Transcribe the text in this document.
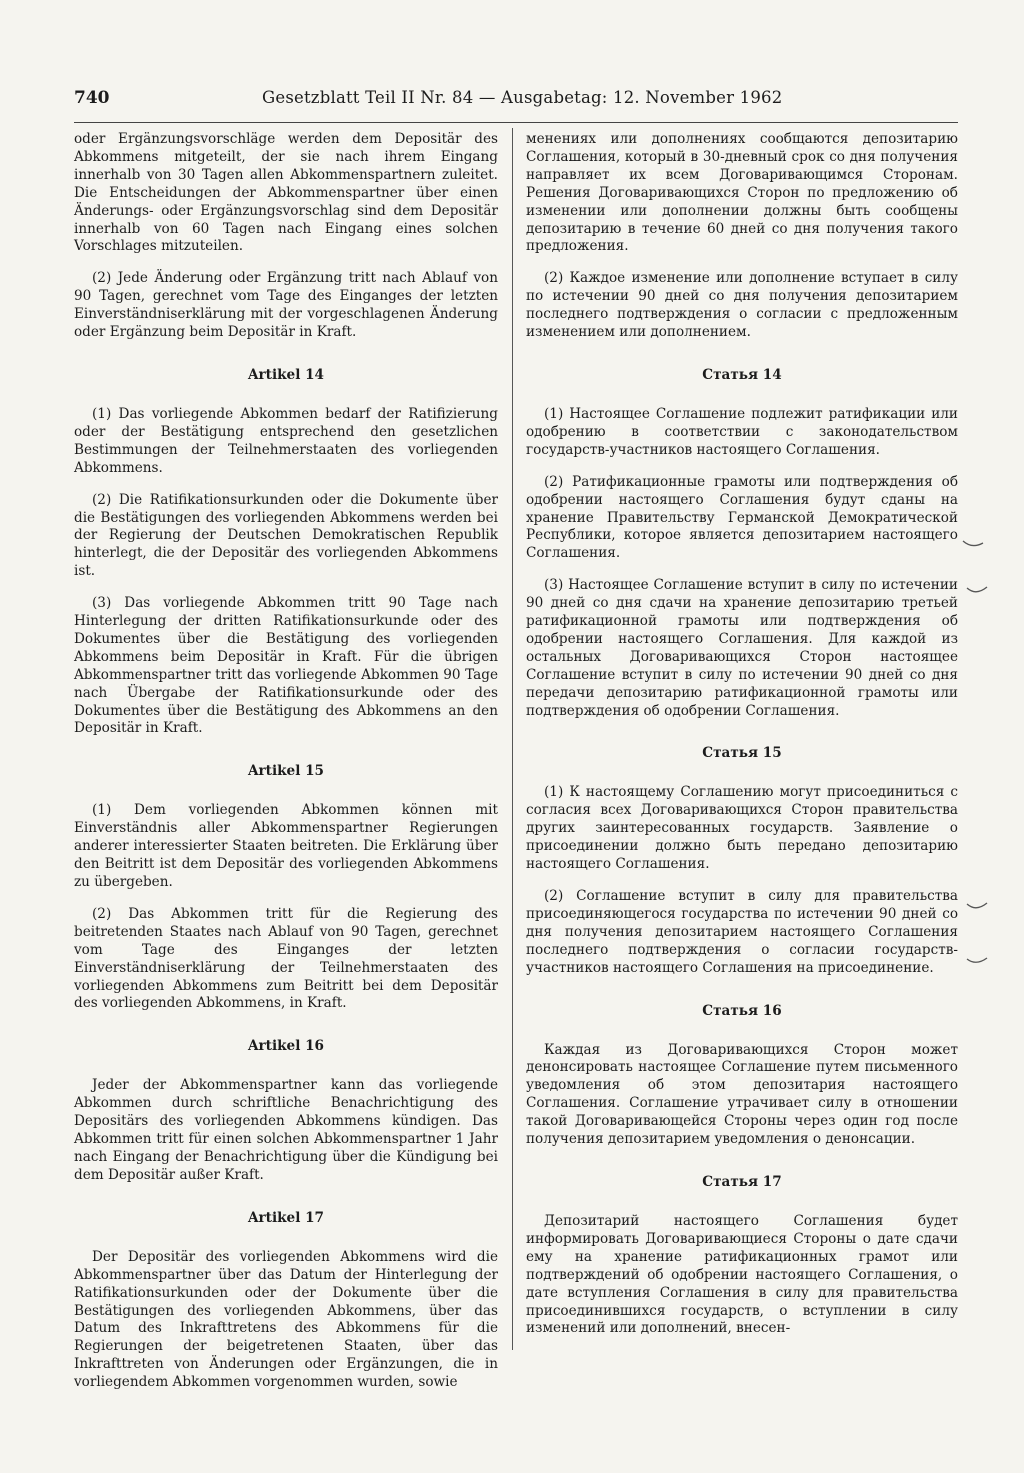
740	Gesetzblatt Teil II Nr. 84 — Ausgabetag: 12. November 1962

oder Ergänzungsvorschläge werden dem Depositär des Abkommens mitgeteilt, der sie nach ihrem Eingang innerhalb von 30 Tagen allen Abkommenspartnern zuleitet. Die Entscheidungen der Abkommenspartner über einen Änderungs- oder Ergänzungsvorschlag sind dem Depositär innerhalb von 60 Tagen nach Eingang eines solchen Vorschlages mitzuteilen.

(2) Jede Änderung oder Ergänzung tritt nach Ablauf von 90 Tagen, gerechnet vom Tage des Einganges der letzten Einverständniserklärung mit der vorgeschlagenen Änderung oder Ergänzung beim Depositär in Kraft.

Artikel 14

(1) Das vorliegende Abkommen bedarf der Ratifizierung oder der Bestätigung entsprechend den gesetzlichen Bestimmungen der Teilnehmerstaaten des vorliegenden Abkommens.

(2) Die Ratifikationsurkunden oder die Dokumente über die Bestätigungen des vorliegenden Abkommens werden bei der Regierung der Deutschen Demokratischen Republik hinterlegt, die der Depositär des vorliegenden Abkommens ist.

(3) Das vorliegende Abkommen tritt 90 Tage nach Hinterlegung der dritten Ratifikationsurkunde oder des Dokumentes über die Bestätigung des vorliegenden Abkommens beim Depositär in Kraft. Für die übrigen Abkommenspartner tritt das vorliegende Abkommen 90 Tage nach Übergabe der Ratifikationsurkunde oder des Dokumentes über die Bestätigung des Abkommens an den Depositär in Kraft.

Artikel 15

(1) Dem vorliegenden Abkommen können mit Einverständnis aller Abkommenspartner Regierungen anderer interessierter Staaten beitreten. Die Erklärung über den Beitritt ist dem Depositär des vorliegenden Abkommens zu übergeben.

(2) Das Abkommen tritt für die Regierung des beitretenden Staates nach Ablauf von 90 Tagen, gerechnet vom Tage des Einganges der letzten Einverständniserklärung der Teilnehmerstaaten des vorliegenden Abkommens zum Beitritt bei dem Depositär des vorliegenden Abkommens, in Kraft.

Artikel 16

Jeder der Abkommenspartner kann das vorliegende Abkommen durch schriftliche Benachrichtigung des Depositärs des vorliegenden Abkommens kündigen. Das Abkommen tritt für einen solchen Abkommenspartner 1 Jahr nach Eingang der Benachrichtigung über die Kündigung bei dem Depositär außer Kraft.

Artikel 17

Der Depositär des vorliegenden Abkommens wird die Abkommenspartner über das Datum der Hinterlegung der Ratifikationsurkunden oder der Dokumente über die Bestätigungen des vorliegenden Abkommens, über das Datum des Inkrafttretens des Abkommens für die Regierungen der beigetretenen Staaten, über das Inkrafttreten von Änderungen oder Ergänzungen, die in vorliegendem Abkommen vorgenommen wurden, sowie

менениях или дополнениях сообщаются депозитарию Соглашения, который в 30-дневный срок со дня получения направляет их всем Договаривающимся Сторонам. Решения Договаривающихся Сторон по предложению об изменении или дополнении должны быть сообщены депозитарию в течение 60 дней со дня получения такого предложения.

(2) Каждое изменение или дополнение вступает в силу по истечении 90 дней со дня получения депозитарием последнего подтверждения о согласии с предложенным изменением или дополнением.

Статья 14

(1) Настоящее Соглашение подлежит ратификации или одобрению в соответствии с законодательством государств-участников настоящего Соглашения.

(2) Ратификационные грамоты или подтверждения об одобрении настоящего Соглашения будут сданы на хранение Правительству Германской Демократической Республики, которое является депозитарием настоящего Соглашения.

(3) Настоящее Соглашение вступит в силу по истечении 90 дней со дня сдачи на хранение депозитарию третьей ратификационной грамоты или подтверждения об одобрении настоящего Соглашения. Для каждой из остальных Договаривающихся Сторон настоящее Соглашение вступит в силу по истечении 90 дней со дня передачи депозитарию ратификационной грамоты или подтверждения об одобрении Соглашения.

Статья 15

(1) К настоящему Соглашению могут присоединиться с согласия всех Договаривающихся Сторон правительства других заинтересованных государств. Заявление о присоединении должно быть передано депозитарию настоящего Соглашения.

(2) Соглашение вступит в силу для правительства присоединяющегося государства по истечении 90 дней со дня получения депозитарием настоящего Соглашения последнего подтверждения о согласии государств-участников настоящего Соглашения на присоединение.

Статья 16

Каждая из Договаривающихся Сторон может денонсировать настоящее Соглашение путем письменного уведомления об этом депозитария настоящего Соглашения. Соглашение утрачивает силу в отношении такой Договаривающейся Стороны через один год после получения депозитарием уведомления о денонсации.

Статья 17

Депозитарий настоящего Соглашения будет информировать Договаривающиеся Стороны о дате сдачи ему на хранение ратификационных грамот или подтверждений об одобрении настоящего Соглашения, о дате вступления Соглашения в силу для правительства присоединившихся государств, о вступлении в силу изменений или дополнений, внесен-
